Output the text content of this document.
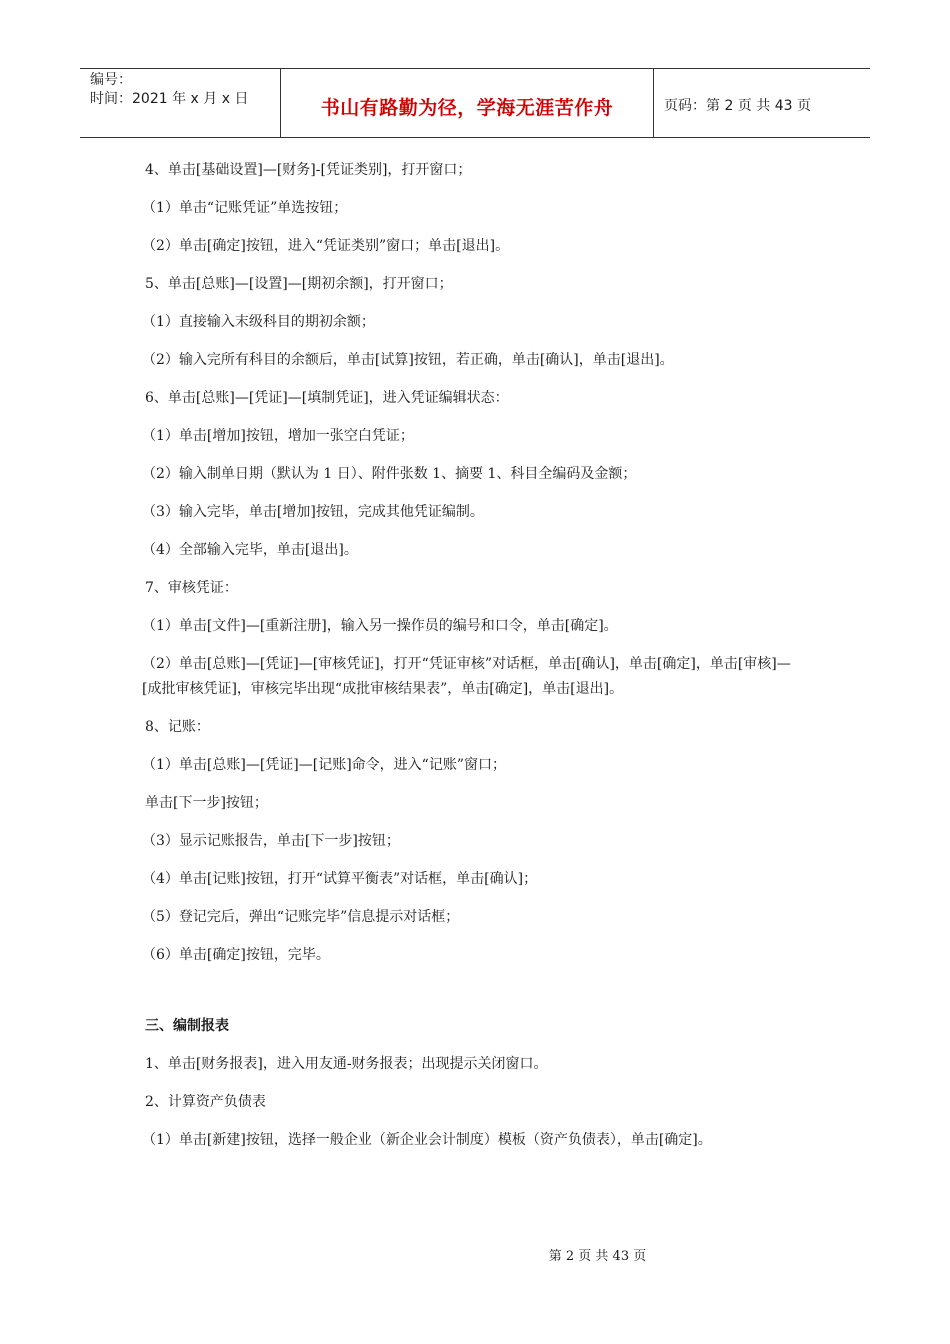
编号：
时间：2021 年 x 月 x 日	书山有路勤为径，学海无涯苦作舟	页码：第 2 页 共 43 页
4、单击[基础设置]—[财务]-[凭证类别]，打开窗口；
（1）单击“记账凭证”单选按钮；
（2）单击[确定]按钮，进入“凭证类别”窗口；单击[退出]。
5、单击[总账]—[设置]—[期初余额]，打开窗口；
（1）直接输入末级科目的期初余额；
（2）输入完所有科目的余额后，单击[试算]按钮，若正确，单击[确认]，单击[退出]。
6、单击[总账]—[凭证]—[填制凭证]，进入凭证编辑状态：
（1）单击[增加]按钮，增加一张空白凭证；
（2）输入制单日期（默认为 1 日）、附件张数 1、摘要 1、科目全编码及金额；
（3）输入完毕，单击[增加]按钮，完成其他凭证编制。
（4）全部输入完毕，单击[退出]。
7、审核凭证：
（1）单击[文件]—[重新注册]，输入另一操作员的编号和口令，单击[确定]。
（2）单击[总账]—[凭证]—[审核凭证]，打开“凭证审核”对话框，单击[确认]，单击[确定]，单击[审核]—[成批审核凭证]，审核完毕出现“成批审核结果表”，单击[确定]，单击[退出]。
8、记账：
（1）单击[总账]—[凭证]—[记账]命令，进入“记账”窗口；
单击[下一步]按钮；
（3）显示记账报告，单击[下一步]按钮；
（4）单击[记账]按钮，打开“试算平衡表”对话框，单击[确认]；
（5）登记完后，弹出“记账完毕”信息提示对话框；
（6）单击[确定]按钮，完毕。
三、编制报表
1、单击[财务报表]，进入用友通-财务报表；出现提示关闭窗口。
2、计算资产负债表
（1）单击[新建]按钮，选择一般企业（新企业会计制度）模板（资产负债表），单击[确定]。
第 2 页 共 43 页
